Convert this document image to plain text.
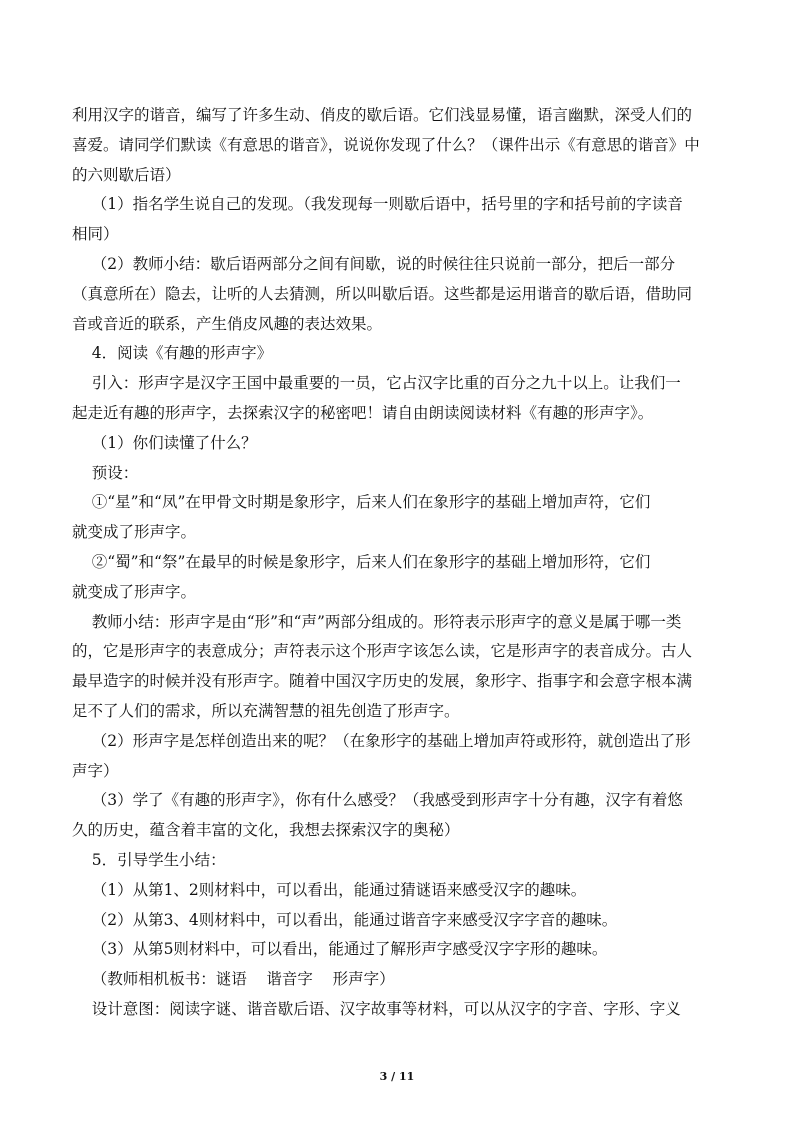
利用汉字的谐音，编写了许多生动、俏皮的歇后语。它们浅显易懂，语言幽默，深受人们的
喜爱。请同学们默读《有意思的谐音》，说说你发现了什么？（课件出示《有意思的谐音》中
的六则歇后语）
（1）指名学生说自己的发现。（我发现每一则歇后语中，括号里的字和括号前的字读音
相同）
（2）教师小结：歇后语两部分之间有间歇，说的时候往往只说前一部分，把后一部分
（真意所在）隐去，让听的人去猜测，所以叫歇后语。这些都是运用谐音的歇后语，借助同
音或音近的联系，产生俏皮风趣的表达效果。
4．阅读《有趣的形声字》
引入：形声字是汉字王国中最重要的一员，它占汉字比重的百分之九十以上。让我们一
起走近有趣的形声字，去探索汉字的秘密吧！请自由朗读阅读材料《有趣的形声字》。
（1）你们读懂了什么？
预设：
①“星”和“凤”在甲骨文时期是象形字，后来人们在象形字的基础上增加声符，它们
就变成了形声字。
②“蜀”和“祭”在最早的时候是象形字，后来人们在象形字的基础上增加形符，它们
就变成了形声字。
教师小结：形声字是由“形”和“声”两部分组成的。形符表示形声字的意义是属于哪一类
的，它是形声字的表意成分；声符表示这个形声字该怎么读，它是形声字的表音成分。古人
最早造字的时候并没有形声字。随着中国汉字历史的发展，象形字、指事字和会意字根本满
足不了人们的需求，所以充满智慧的祖先创造了形声字。
（2）形声字是怎样创造出来的呢？（在象形字的基础上增加声符或形符，就创造出了形
声字）
（3）学了《有趣的形声字》，你有什么感受？（我感受到形声字十分有趣，汉字有着悠
久的历史，蕴含着丰富的文化，我想去探索汉字的奥秘）
5．引导学生小结：
（1）从第1、2则材料中，可以看出，能通过猜谜语来感受汉字的趣味。
（2）从第3、4则材料中，可以看出，能通过谐音字来感受汉字字音的趣味。
（3）从第5则材料中，可以看出，能通过了解形声字感受汉字字形的趣味。
（教师相机板书：谜语    谐音字    形声字）
设计意图：阅读字谜、谐音歇后语、汉字故事等材料，可以从汉字的字音、字形、字义
3 / 11
